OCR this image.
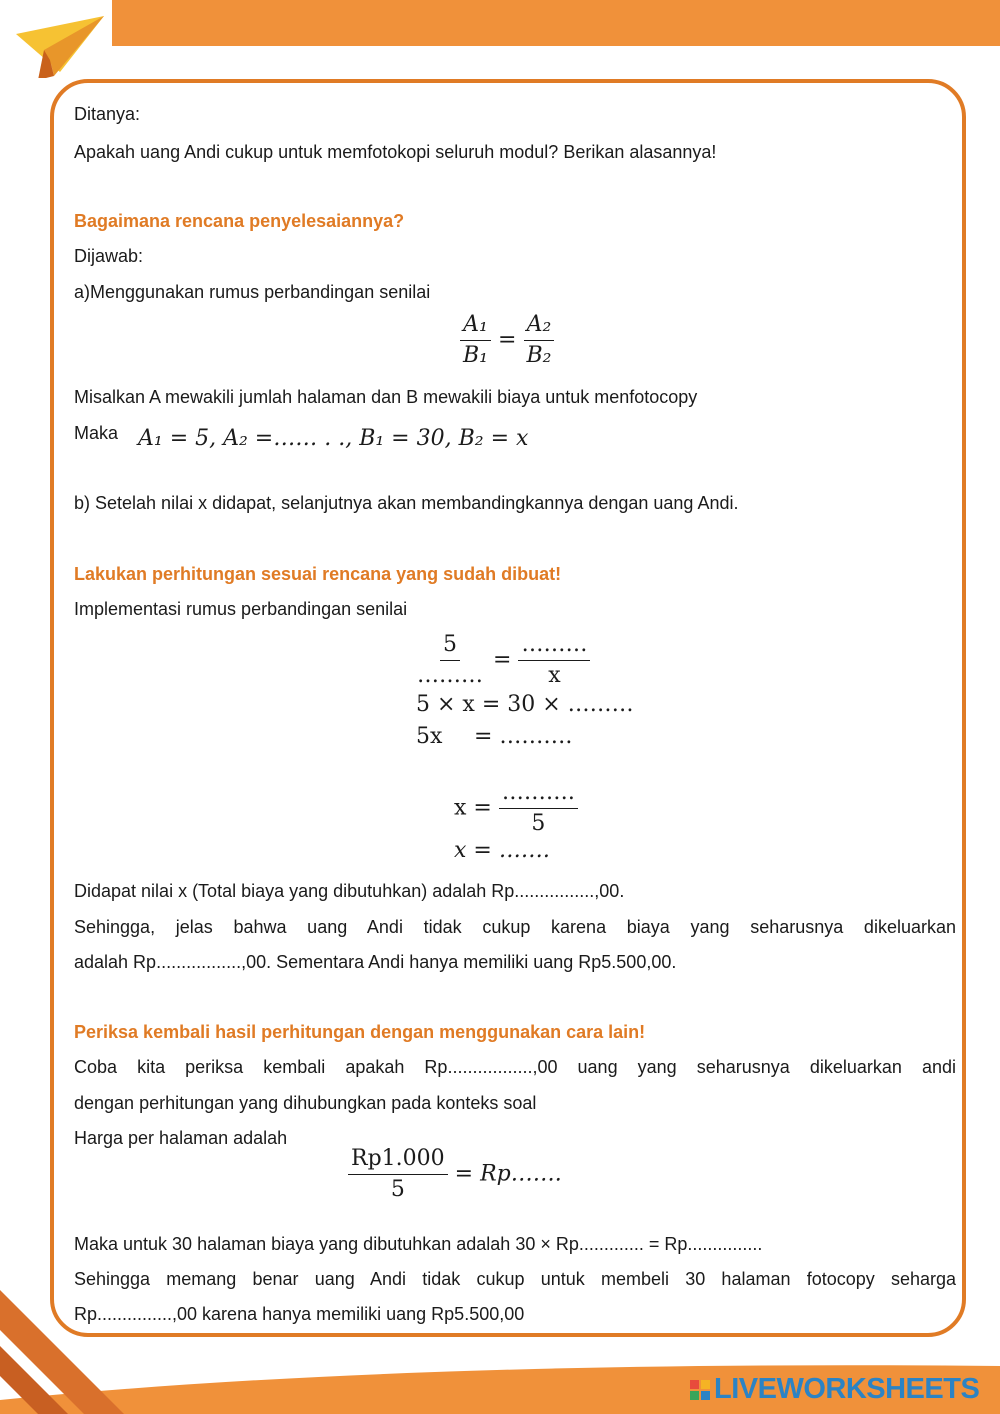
Ditanya:
Apakah uang Andi cukup untuk memfotokopi seluruh modul? Berikan alasannya!
Bagaimana rencana penyelesaiannya?
Dijawab:
a)Menggunakan rumus perbandingan senilai
$\frac{\text{A₁}}{\text{B₁}} = \frac{\text{A₂}}{\text{B₂}}$
Misalkan A mewakili jumlah halaman dan B mewakili biaya untuk menfotocopy
Maka A₁ = 5, A₂ =…… . ., B₁ = 30, B₂ = x
b) Setelah nilai x didapat, selanjutnya akan membandingkannya dengan uang Andi.
Lakukan perhitungan sesuai rencana yang sudah dibuat!
Implementasi rumus perbandingan senilai
$\frac{5}{\dots\dots\dots} = \frac{\dots\dots\dots}{x}$
5 × x = 30 × ………
5x = ……….
$x = \frac{\dots\dots\dots.}{5}$
x = …….
Didapat nilai x (Total biaya yang dibutuhkan) adalah Rp................,00.
Sehingga, jelas bahwa uang Andi tidak cukup karena biaya yang seharusnya dikeluarkan
adalah Rp.................,00. Sementara Andi hanya memiliki uang Rp5.500,00.
Periksa kembali hasil perhitungan dengan menggunakan cara lain!
Coba kita periksa kembali apakah Rp.................,00 uang yang seharusnya dikeluarkan andi
dengan perhitungan yang dihubungkan pada konteks soal
Harga per halaman adalah
$\frac{Rp1.000}{5}$ = Rp…….
Maka untuk 30 halaman biaya yang dibutuhkan adalah 30 × Rp............. = Rp...............
Sehingga memang benar uang Andi tidak cukup untuk membeli 30 halaman fotocopy seharga
Rp...............,00 karena hanya memiliki uang Rp5.500,00
LIVEWORKSHEETS
